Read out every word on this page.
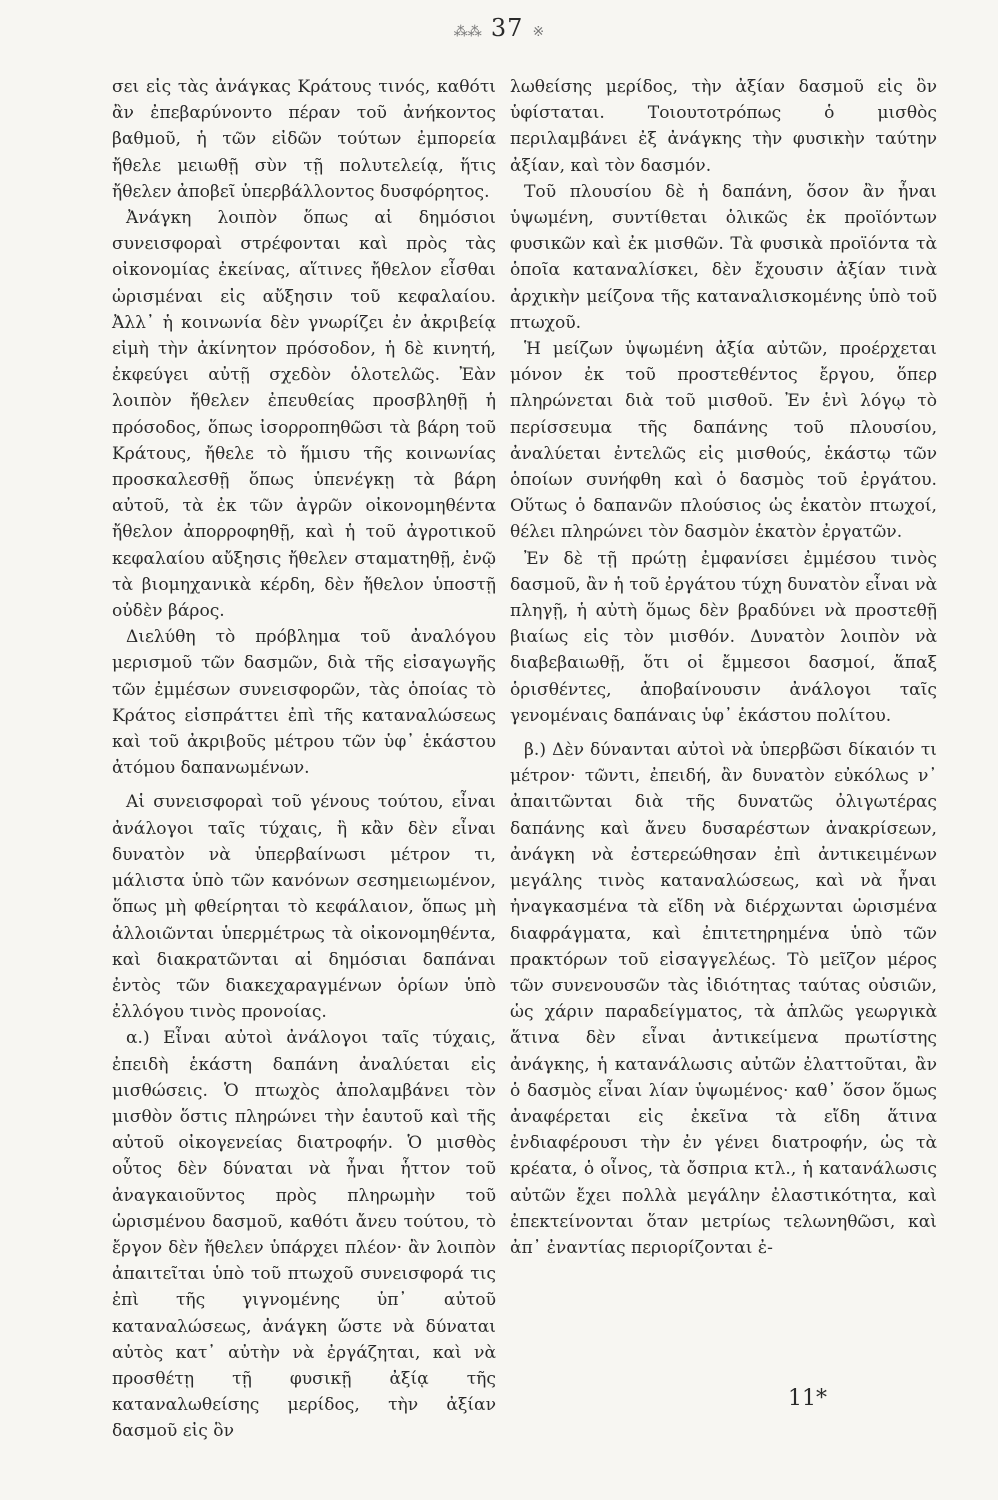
⁂⁂ 37 ※

σει εἰς τὰς ἀνάγκας Κράτους τινός, καθότι ἂν ἐπεβαρύνοντο πέραν τοῦ ἀνήκοντος βαθμοῦ, ἡ τῶν εἰδῶν τούτων ἐμπορεία ἤθελε μειωθῇ σὺν τῇ πολυτελείᾳ, ἥτις ἤθελεν ἀποβεῖ ὑπερβάλλοντος δυσφόρητος.

Ἀνάγκη λοιπὸν ὅπως αἱ δημόσιοι συνεισφοραὶ στρέφονται καὶ πρὸς τὰς οἰκονομίας ἐκείνας, αἵτινες ἤθελον εἶσθαι ὡρισμέναι εἰς αὔξησιν τοῦ κεφαλαίου. Ἀλλ᾿ ἡ κοινωνία δὲν γνωρίζει ἐν ἀκριβείᾳ εἰμὴ τὴν ἀκίνητον πρόσοδον, ἡ δὲ κινητή, ἐκφεύγει αὐτῇ σχεδὸν ὁλοτελῶς. Ἐὰν λοιπὸν ἤθελεν ἐπευθείας προσβληθῇ ἡ πρόσοδος, ὅπως ἰσορροπηθῶσι τὰ βάρη τοῦ Κράτους, ἤθελε τὸ ἥμισυ τῆς κοινωνίας προσκαλεσθῇ ὅπως ὑπενέγκῃ τὰ βάρη αὐτοῦ, τὰ ἐκ τῶν ἀγρῶν οἰκονομηθέντα ἤθελον ἀπορροφηθῇ, καὶ ἡ τοῦ ἀγροτικοῦ κεφαλαίου αὔξησις ἤθελεν σταματηθῇ, ἐνῷ τὰ βιομηχανικὰ κέρδη, δὲν ἤθελον ὑποστῇ οὐδὲν βάρος.

Διελύθη τὸ πρόβλημα τοῦ ἀναλόγου μερισμοῦ τῶν δασμῶν, διὰ τῆς εἰσαγωγῆς τῶν ἐμμέσων συνεισφορῶν, τὰς ὁποίας τὸ Κράτος εἰσπράττει ἐπὶ τῆς καταναλώσεως καὶ τοῦ ἀκριβοῦς μέτρου τῶν ὑφ᾿ ἑκάστου ἀτόμου δαπανωμένων.

Αἱ συνεισφοραὶ τοῦ γένους τούτου, εἶναι ἀνάλογοι ταῖς τύχαις, ἢ κἂν δὲν εἶναι δυνατὸν νὰ ὑπερβαίνωσι μέτρον τι, μάλιστα ὑπὸ τῶν κανόνων σεσημειωμένον, ὅπως μὴ φθείρηται τὸ κεφάλαιον, ὅπως μὴ ἀλλοιῶνται ὑπερμέτρως τὰ οἰκονομηθέντα, καὶ διακρατῶνται αἱ δημόσιαι δαπάναι ἐντὸς τῶν διακεχαραγμένων ὁρίων ὑπὸ ἐλλόγου τινὸς προνοίας.

α.) Εἶναι αὐτοὶ ἀνάλογοι ταῖς τύχαις, ἐπειδὴ ἑκάστη δαπάνη ἀναλύεται εἰς μισθώσεις. Ὁ πτωχὸς ἀπολαμβάνει τὸν μισθὸν ὅστις πληρώνει τὴν ἑαυτοῦ καὶ τῆς αὐτοῦ οἰκογενείας διατροφήν. Ὁ μισθὸς οὗτος δὲν δύναται νὰ ἦναι ἧττον τοῦ ἀναγκαιοῦντος πρὸς πληρωμὴν τοῦ ὡρισμένου δασμοῦ, καθότι ἄνευ τούτου, τὸ ἔργον δὲν ἤθελεν ὑπάρχει πλέον· ἂν λοιπὸν ἀπαιτεῖται ὑπὸ τοῦ πτωχοῦ συνεισφορά τις ἐπὶ τῆς γιγνομένης ὑπ᾿ αὐτοῦ καταναλώσεως, ἀνάγκη ὥστε νὰ δύναται αὐτὸς κατ᾿ αὐτὴν νὰ ἐργάζηται, καὶ νὰ προσθέτῃ τῇ φυσικῇ ἀξίᾳ τῆς καταναλωθείσης μερίδος, τὴν ἀξίαν δασμοῦ εἰς ὃν

λωθείσης μερίδος, τὴν ἀξίαν δασμοῦ εἰς ὃν ὑφίσταται. Τοιουτοτρόπως ὁ μισθὸς περιλαμβάνει ἐξ ἀνάγκης τὴν φυσικὴν ταύτην ἀξίαν, καὶ τὸν δασμόν.

Τοῦ πλουσίου δὲ ἡ δαπάνη, ὅσον ἂν ἦναι ὑψωμένη, συντίθεται ὁλικῶς ἐκ προϊόντων φυσικῶν καὶ ἐκ μισθῶν. Τὰ φυσικὰ προϊόντα τὰ ὁποῖα καταναλίσκει, δὲν ἔχουσιν ἀξίαν τινὰ ἀρχικὴν μείζονα τῆς καταναλισκομένης ὑπὸ τοῦ πτωχοῦ.

Ἡ μείζων ὑψωμένη ἀξία αὐτῶν, προέρχεται μόνον ἐκ τοῦ προστεθέντος ἔργου, ὅπερ πληρώνεται διὰ τοῦ μισθοῦ. Ἐν ἑνὶ λόγῳ τὸ περίσσευμα τῆς δαπάνης τοῦ πλουσίου, ἀναλύεται ἐντελῶς εἰς μισθούς, ἑκάστῳ τῶν ὁποίων συνήφθη καὶ ὁ δασμὸς τοῦ ἐργάτου. Οὕτως ὁ δαπανῶν πλούσιος ὡς ἑκατὸν πτωχοί, θέλει πληρώνει τὸν δασμὸν ἑκατὸν ἐργατῶν.

Ἐν δὲ τῇ πρώτῃ ἐμφανίσει ἐμμέσου τινὸς δασμοῦ, ἂν ἡ τοῦ ἐργάτου τύχη δυνατὸν εἶναι νὰ πληγῇ, ἡ αὐτὴ ὅμως δὲν βραδύνει νὰ προστεθῇ βιαίως εἰς τὸν μισθόν. Δυνατὸν λοιπὸν νὰ διαβεβαιωθῇ, ὅτι οἱ ἔμμεσοι δασμοί, ἅπαξ ὁρισθέντες, ἀποβαίνουσιν ἀνάλογοι ταῖς γενομέναις δαπάναις ὑφ᾿ ἑκάστου πολίτου.

β.) Δὲν δύνανται αὐτοὶ νὰ ὑπερβῶσι δίκαιόν τι μέτρον· τῶντι, ἐπειδή, ἂν δυνατὸν εὐκόλως ν᾿ ἀπαιτῶνται διὰ τῆς δυνατῶς ὀλιγωτέρας δαπάνης καὶ ἄνευ δυσαρέστων ἀνακρίσεων, ἀνάγκη νὰ ἐστερεώθησαν ἐπὶ ἀντικειμένων μεγάλης τινὸς καταναλώσεως, καὶ νὰ ἦναι ἠναγκασμένα τὰ εἴδη νὰ διέρχωνται ὡρισμένα διαφράγματα, καὶ ἐπιτετηρημένα ὑπὸ τῶν πρακτόρων τοῦ εἰσαγγελέως. Τὸ μεῖζον μέρος τῶν συνενουσῶν τὰς ἰδιότητας ταύτας οὐσιῶν, ὡς χάριν παραδείγματος, τὰ ἁπλῶς γεωργικὰ ἅτινα δὲν εἶναι ἀντικείμενα πρωτίστης ἀνάγκης, ἡ κατανάλωσις αὐτῶν ἐλαττοῦται, ἂν ὁ δασμὸς εἶναι λίαν ὑψωμένος· καθ᾿ ὅσον ὅμως ἀναφέρεται εἰς ἐκεῖνα τὰ εἴδη ἅτινα ἐνδιαφέρουσι τὴν ἐν γένει διατροφήν, ὡς τὰ κρέατα, ὁ οἶνος, τὰ ὄσπρια κτλ., ἡ κατανάλωσις αὐτῶν ἔχει πολλὰ μεγάλην ἐλαστικότητα, καὶ ἐπεκτείνονται ὅταν μετρίως τελωνηθῶσι, καὶ ἀπ᾿ ἐναντίας περιορίζονται ἐ-

11*
